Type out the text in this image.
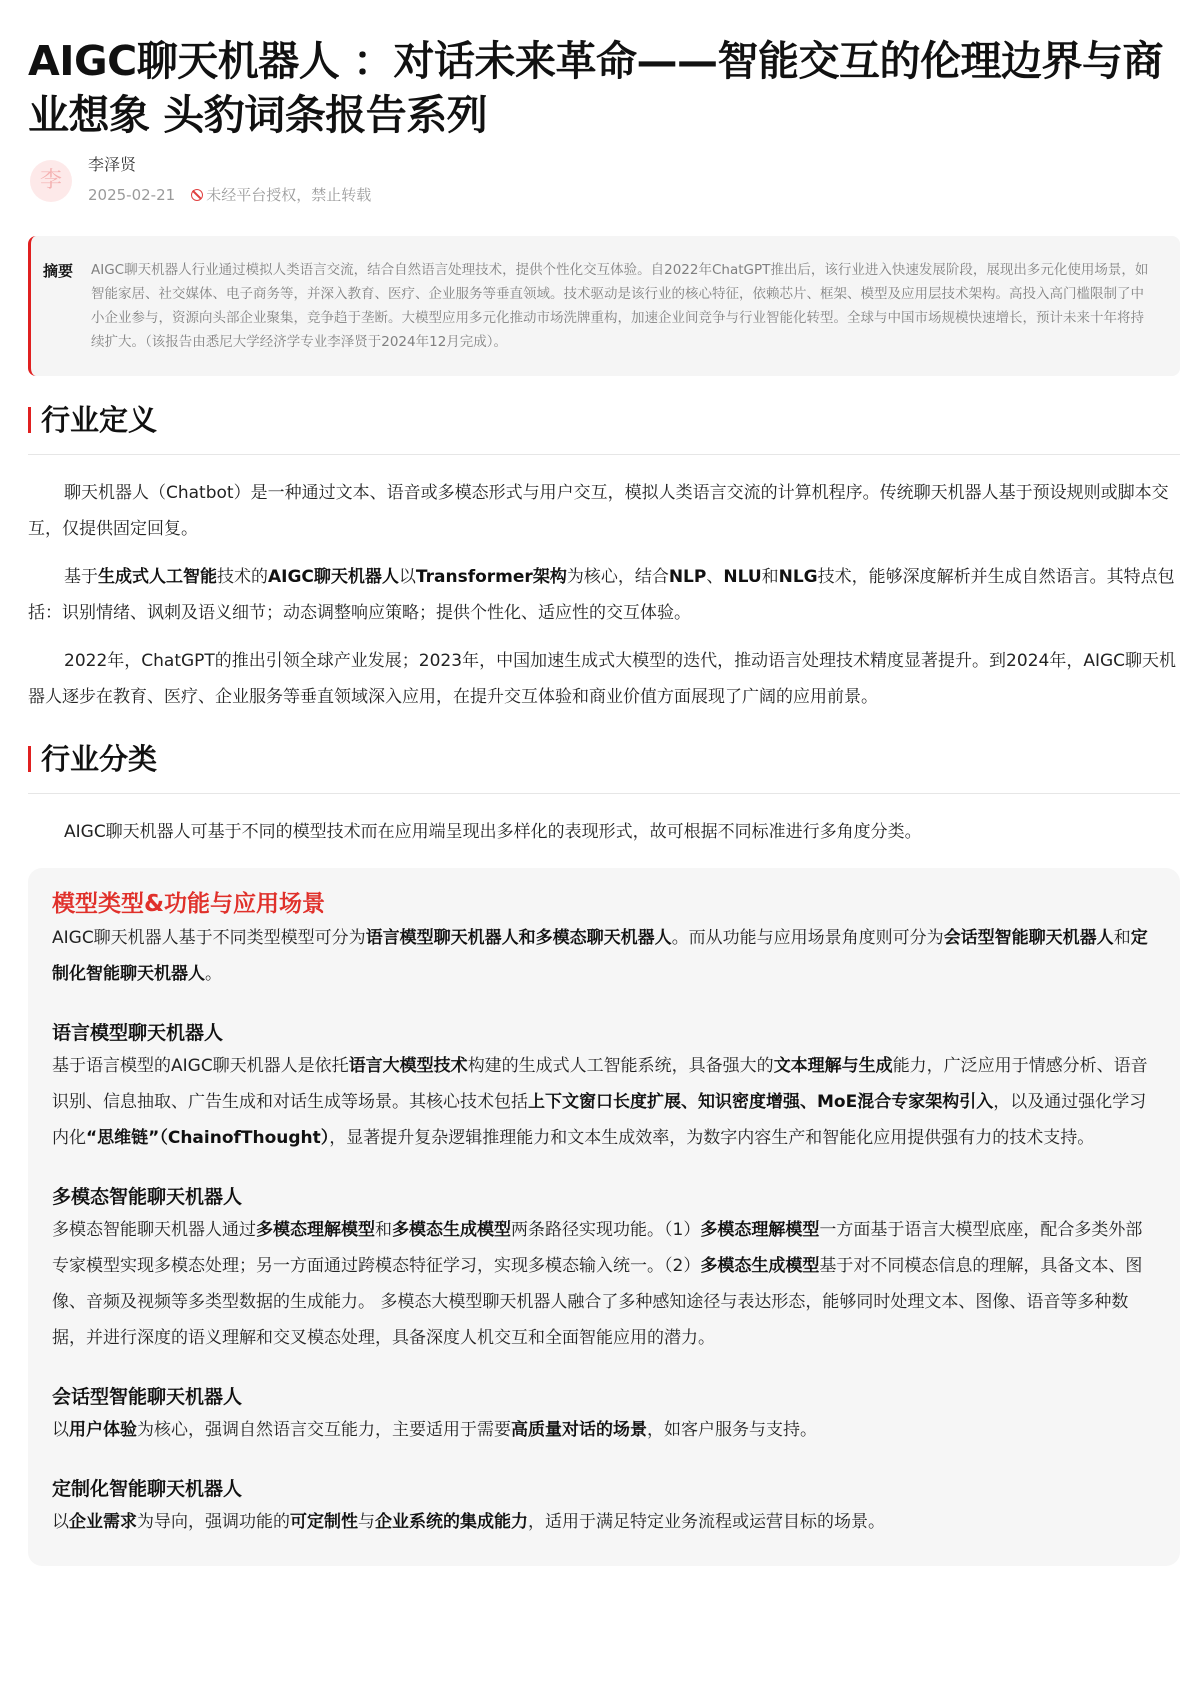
AIGC聊天机器人 ：对话未来革命——智能交互的伦理边界与商业想象 头豹词条报告系列
李
李泽贤
2025-02-21 未经平台授权，禁止转载
摘要	AIGC聊天机器人行业通过模拟人类语言交流，结合自然语言处理技术，提供个性化交互体验。自2022年ChatGPT推出后，该行业进入快速发展阶段，展现出多元化使用场景，如智能家居、社交媒体、电子商务等，并深入教育、医疗、企业服务等垂直领域。技术驱动是该行业的核心特征，依赖芯片、框架、模型及应用层技术架构。高投入高门槛限制了中小企业参与，资源向头部企业聚集，竞争趋于垄断。大模型应用多元化推动市场洗牌重构，加速企业间竞争与行业智能化转型。全球与中国市场规模快速增长，预计未来十年将持续扩大。（该报告由悉尼大学经济学专业李泽贤于2024年12月完成）。
行业定义

聊天机器人（Chatbot）是一种通过文本、语音或多模态形式与用户交互，模拟人类语言交流的计算机程序。传统聊天机器人基于预设规则或脚本交互，仅提供固定回复。

基于生成式人工智能技术的AIGC聊天机器人以Transformer架构为核心，结合NLP、NLU和NLG技术，能够深度解析并生成自然语言。其特点包括：识别情绪、讽刺及语义细节；动态调整响应策略；提供个性化、适应性的交互体验。

2022年，ChatGPT的推出引领全球产业发展；2023年，中国加速生成式大模型的迭代，推动语言处理技术精度显著提升。到2024年，AIGC聊天机器人逐步在教育、医疗、企业服务等垂直领域深入应用，在提升交互体验和商业价值方面展现了广阔的应用前景。

行业分类

AIGC聊天机器人可基于不同的模型技术而在应用端呈现出多样化的表现形式，故可根据不同标准进行多角度分类。

模型类型&功能与应用场景

AIGC聊天机器人基于不同类型模型可分为语言模型聊天机器人和多模态聊天机器人。而从功能与应用场景角度则可分为会话型智能聊天机器人和定制化智能聊天机器人。

语言模型聊天机器人

基于语言模型的AIGC聊天机器人是依托语言大模型技术构建的生成式人工智能系统，具备强大的文本理解与生成能力，广泛应用于情感分析、语音识别、信息抽取、广告生成和对话生成等场景。其核心技术包括上下文窗口长度扩展、知识密度增强、MoE混合专家架构引入，以及通过强化学习内化“思维链”（ChainofThought），显著提升复杂逻辑推理能力和文本生成效率，为数字内容生产和智能化应用提供强有力的技术支持。

多模态智能聊天机器人

多模态智能聊天机器人通过多模态理解模型和多模态生成模型两条路径实现功能。（1）多模态理解模型一方面基于语言大模型底座，配合多类外部专家模型实现多模态处理；另一方面通过跨模态特征学习，实现多模态输入统一。（2）多模态生成模型基于对不同模态信息的理解，具备文本、图像、音频及视频等多类型数据的生成能力。 多模态大模型聊天机器人融合了多种感知途径与表达形态，能够同时处理文本、图像、语音等多种数据，并进行深度的语义理解和交叉模态处理，具备深度人机交互和全面智能应用的潜力。

会话型智能聊天机器人

以用户体验为核心，强调自然语言交互能力，主要适用于需要高质量对话的场景，如客户服务与支持。

定制化智能聊天机器人

以企业需求为导向，强调功能的可定制性与企业系统的集成能力，适用于满足特定业务流程或运营目标的场景。
